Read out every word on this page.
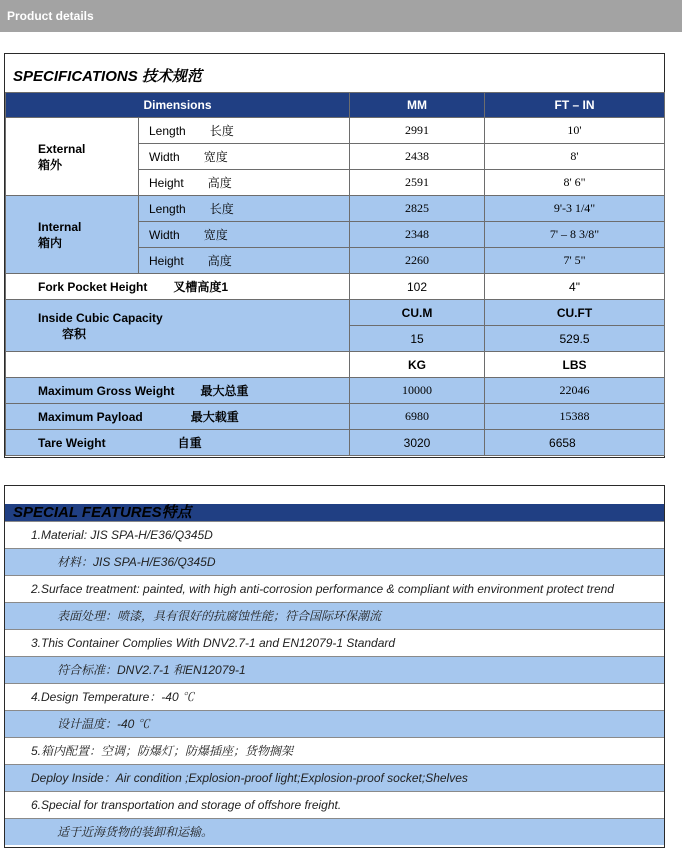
Product details
SPECIFICATIONS 技术规范
Dimensions		MM	FT – IN

External
箱外	Length 长度	2991	10'
	Width 宽度	2438	8'
	Height 高度	2591	8' 6"

Internal
箱内	Length 长度	2825	9'-3 1/4"
	Width 宽度	2348	7' – 8 3/8"
	Height 高度	2260	7' 5"
Fork Pocket Height 叉槽高度1		102	4"

Inside Cubic Capacity
容积		CU.M	CU.FT
		15	529.5
		KG	LBS
Maximum Gross Weight 最大总重		10000	22046
Maximum Payload 最大载重		6980	15388
Tare Weight 自重		3020	6658
SPECIAL FEATURES特点
1.Material: JIS SPA-H/E36/Q345D
材料：JIS SPA-H/E36/Q345D
2.Surface treatment: painted, with high anti-corrosion performance & compliant with environment protect trend
表面处理：喷漆，具有很好的抗腐蚀性能；符合国际环保潮流
3.This Container Complies With DNV2.7-1 and EN12079-1 Standard
符合标准：DNV2.7-1 和EN12079-1
4.Design Temperature：-40 ℃
设计温度：-40 ℃
5.箱内配置：空调；防爆灯；防爆插座；货物搁架
Deploy Inside：Air condition ;Explosion-proof light;Explosion-proof socket;Shelves
6.Special for transportation and storage of offshore freight.
适于近海货物的装卸和运输。
